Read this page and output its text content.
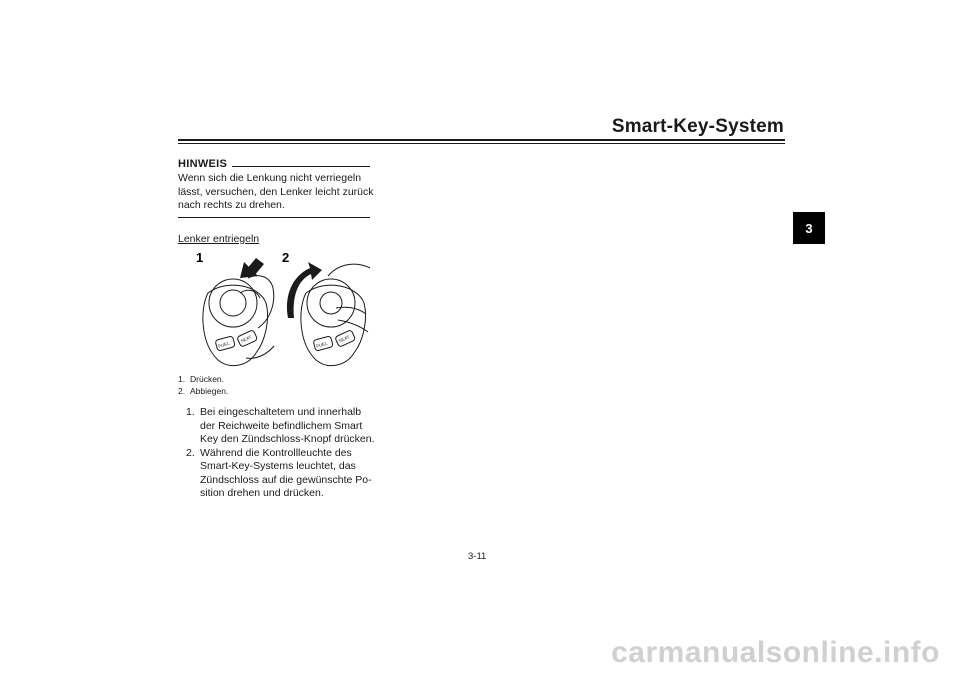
Smart-Key-System
3
HINWEIS
Wenn sich die Lenkung nicht verriegeln
lässt, versuchen, den Lenker leicht zurück
nach rechts zu drehen.
Lenker entriegeln
1	2
FUEL
SEAT
FUEL
SEAT
1. Drücken.
2. Abbiegen.
1. Bei eingeschaltetem und innerhalb
der Reichweite befindlichem Smart
Key den Zündschloss-Knopf drücken.
2. Während die Kontrollleuchte des
Smart-Key-Systems leuchtet, das
Zündschloss auf die gewünschte Po-
sition drehen und drücken.
3-11
carmanualsonline.info
